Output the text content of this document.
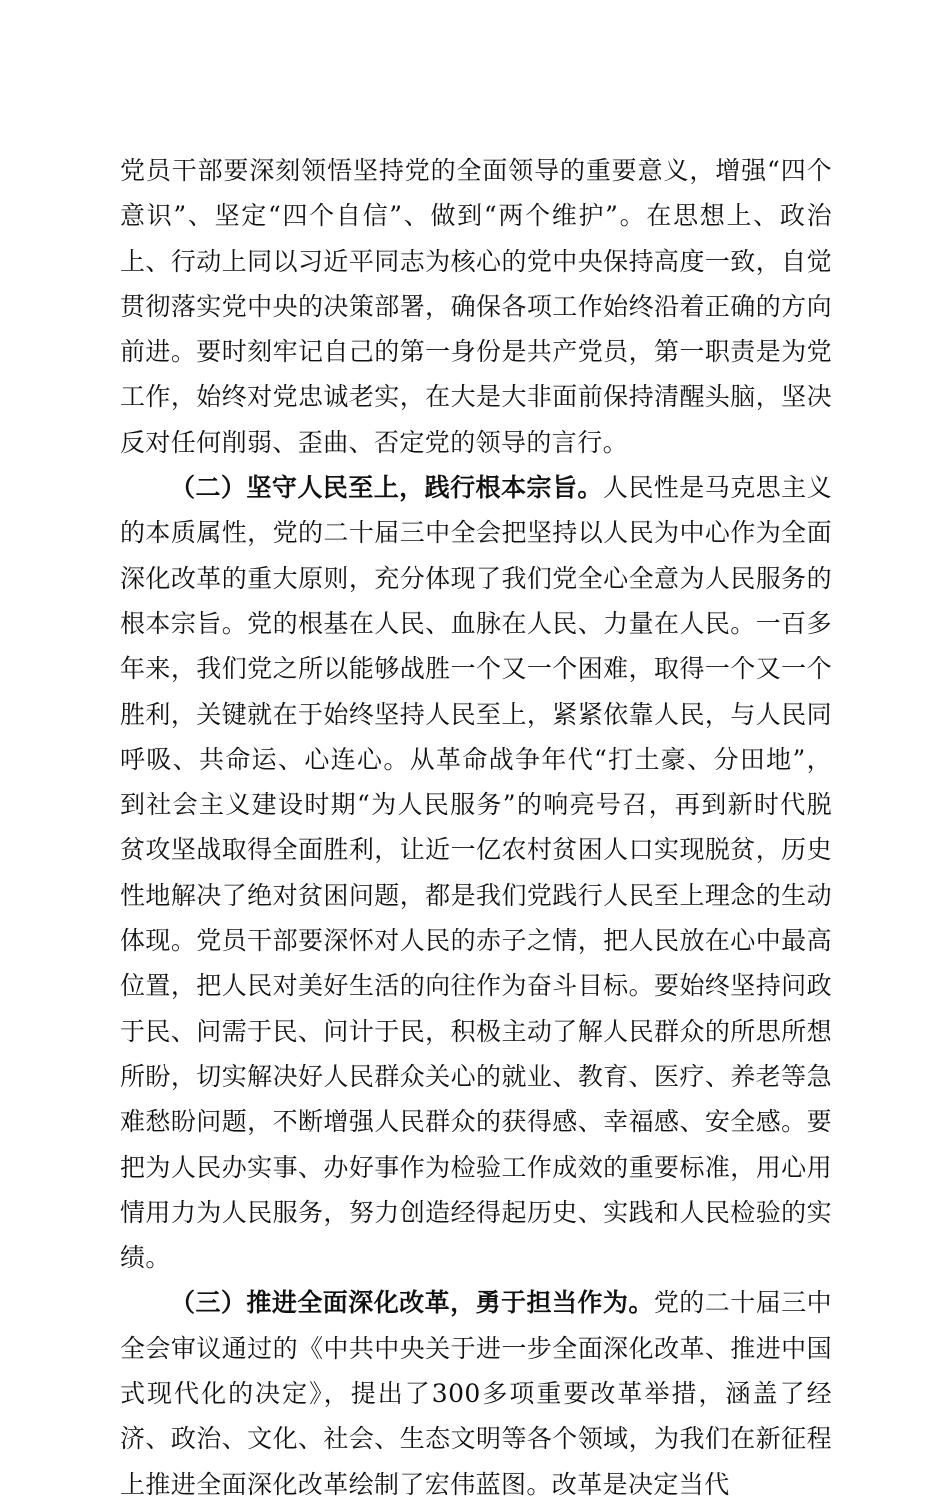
党员干部要深刻领悟坚持党的全面领导的重要意义，增强“四个意识”、坚定“四个自信”、做到“两个维护”。在思想上、政治上、行动上同以习近平同志为核心的党中央保持高度一致，自觉贯彻落实党中央的决策部署，确保各项工作始终沿着正确的方向前进。要时刻牢记自己的第一身份是共产党员，第一职责是为党工作，始终对党忠诚老实，在大是大非面前保持清醒头脑，坚决反对任何削弱、歪曲、否定党的领导的言行。

（二）坚守人民至上，践行根本宗旨。人民性是马克思主义的本质属性，党的二十届三中全会把坚持以人民为中心作为全面深化改革的重大原则，充分体现了我们党全心全意为人民服务的根本宗旨。党的根基在人民、血脉在人民、力量在人民。一百多年来，我们党之所以能够战胜一个又一个困难，取得一个又一个胜利，关键就在于始终坚持人民至上，紧紧依靠人民，与人民同呼吸、共命运、心连心。从革命战争年代“打土豪、分田地”，到社会主义建设时期“为人民服务”的响亮号召，再到新时代脱贫攻坚战取得全面胜利，让近一亿农村贫困人口实现脱贫，历史性地解决了绝对贫困问题，都是我们党践行人民至上理念的生动体现。党员干部要深怀对人民的赤子之情，把人民放在心中最高位置，把人民对美好生活的向往作为奋斗目标。要始终坚持问政于民、问需于民、问计于民，积极主动了解人民群众的所思所想所盼，切实解决好人民群众关心的就业、教育、医疗、养老等急难愁盼问题，不断增强人民群众的获得感、幸福感、安全感。要把为人民办实事、办好事作为检验工作成效的重要标准，用心用情用力为人民服务，努力创造经得起历史、实践和人民检验的实绩。

（三）推进全面深化改革，勇于担当作为。党的二十届三中全会审议通过的《中共中央关于进一步全面深化改革、推进中国式现代化的决定》，提出了300多项重要改革举措，涵盖了经济、政治、文化、社会、生态文明等各个领域，为我们在新征程上推进全面深化改革绘制了宏伟蓝图。改革是决定当代
